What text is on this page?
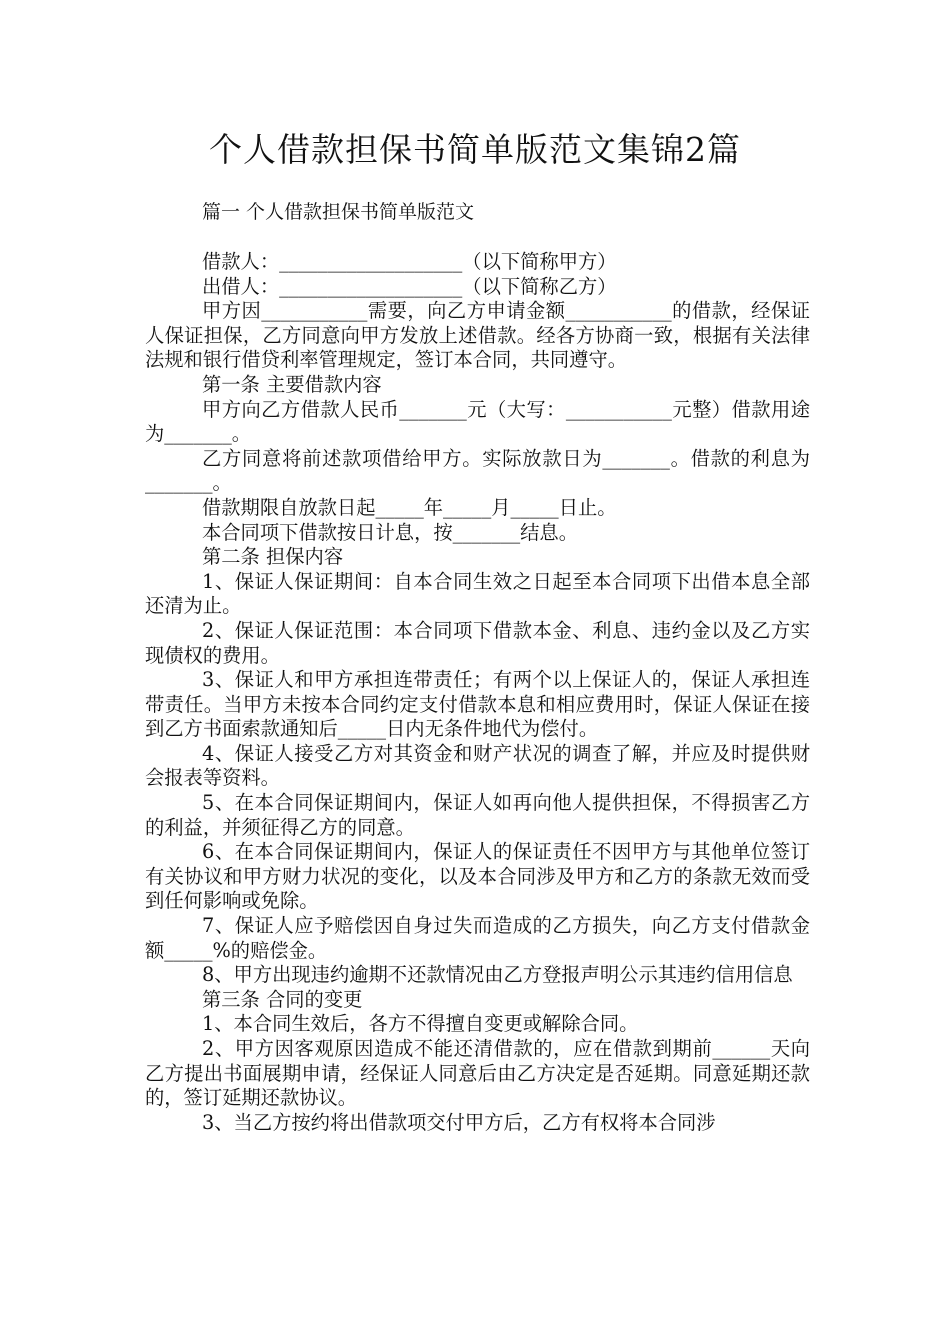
个人借款担保书简单版范文集锦2篇

篇一 个人借款担保书简单版范文

借款人：___________________（以下简称甲方）

出借人：___________________（以下简称乙方）

甲方因___________需要，向乙方申请金额___________的借款，经保证人保证担保，乙方同意向甲方发放上述借款。经各方协商一致，根据有关法律法规和银行借贷利率管理规定，签订本合同，共同遵守。

第一条 主要借款内容

甲方向乙方借款人民币_______元（大写：___________元整）借款用途为_______。

乙方同意将前述款项借给甲方。实际放款日为_______。借款的利息为_______。

借款期限自放款日起_____年_____月_____日止。

本合同项下借款按日计息，按_______结息。

第二条 担保内容

1、保证人保证期间：自本合同生效之日起至本合同项下出借本息全部还清为止。

2、保证人保证范围：本合同项下借款本金、利息、违约金以及乙方实现债权的费用。

3、保证人和甲方承担连带责任；有两个以上保证人的，保证人承担连带责任。当甲方未按本合同约定支付借款本息和相应费用时，保证人保证在接到乙方书面索款通知后_____日内无条件地代为偿付。

4、保证人接受乙方对其资金和财产状况的调查了解，并应及时提供财会报表等资料。

5、在本合同保证期间内，保证人如再向他人提供担保，不得损害乙方的利益，并须征得乙方的同意。

6、在本合同保证期间内，保证人的保证责任不因甲方与其他单位签订有关协议和甲方财力状况的变化，以及本合同涉及甲方和乙方的条款无效而受到任何影响或免除。

7、保证人应予赔偿因自身过失而造成的乙方损失，向乙方支付借款金额_____%的赔偿金。

8、甲方出现违约逾期不还款情况由乙方登报声明公示其违约信用信息

第三条 合同的变更

1、本合同生效后，各方不得擅自变更或解除合同。

2、甲方因客观原因造成不能还清借款的，应在借款到期前______天向乙方提出书面展期申请，经保证人同意后由乙方决定是否延期。同意延期还款的，签订延期还款协议。

3、当乙方按约将出借款项交付甲方后，乙方有权将本合同涉
